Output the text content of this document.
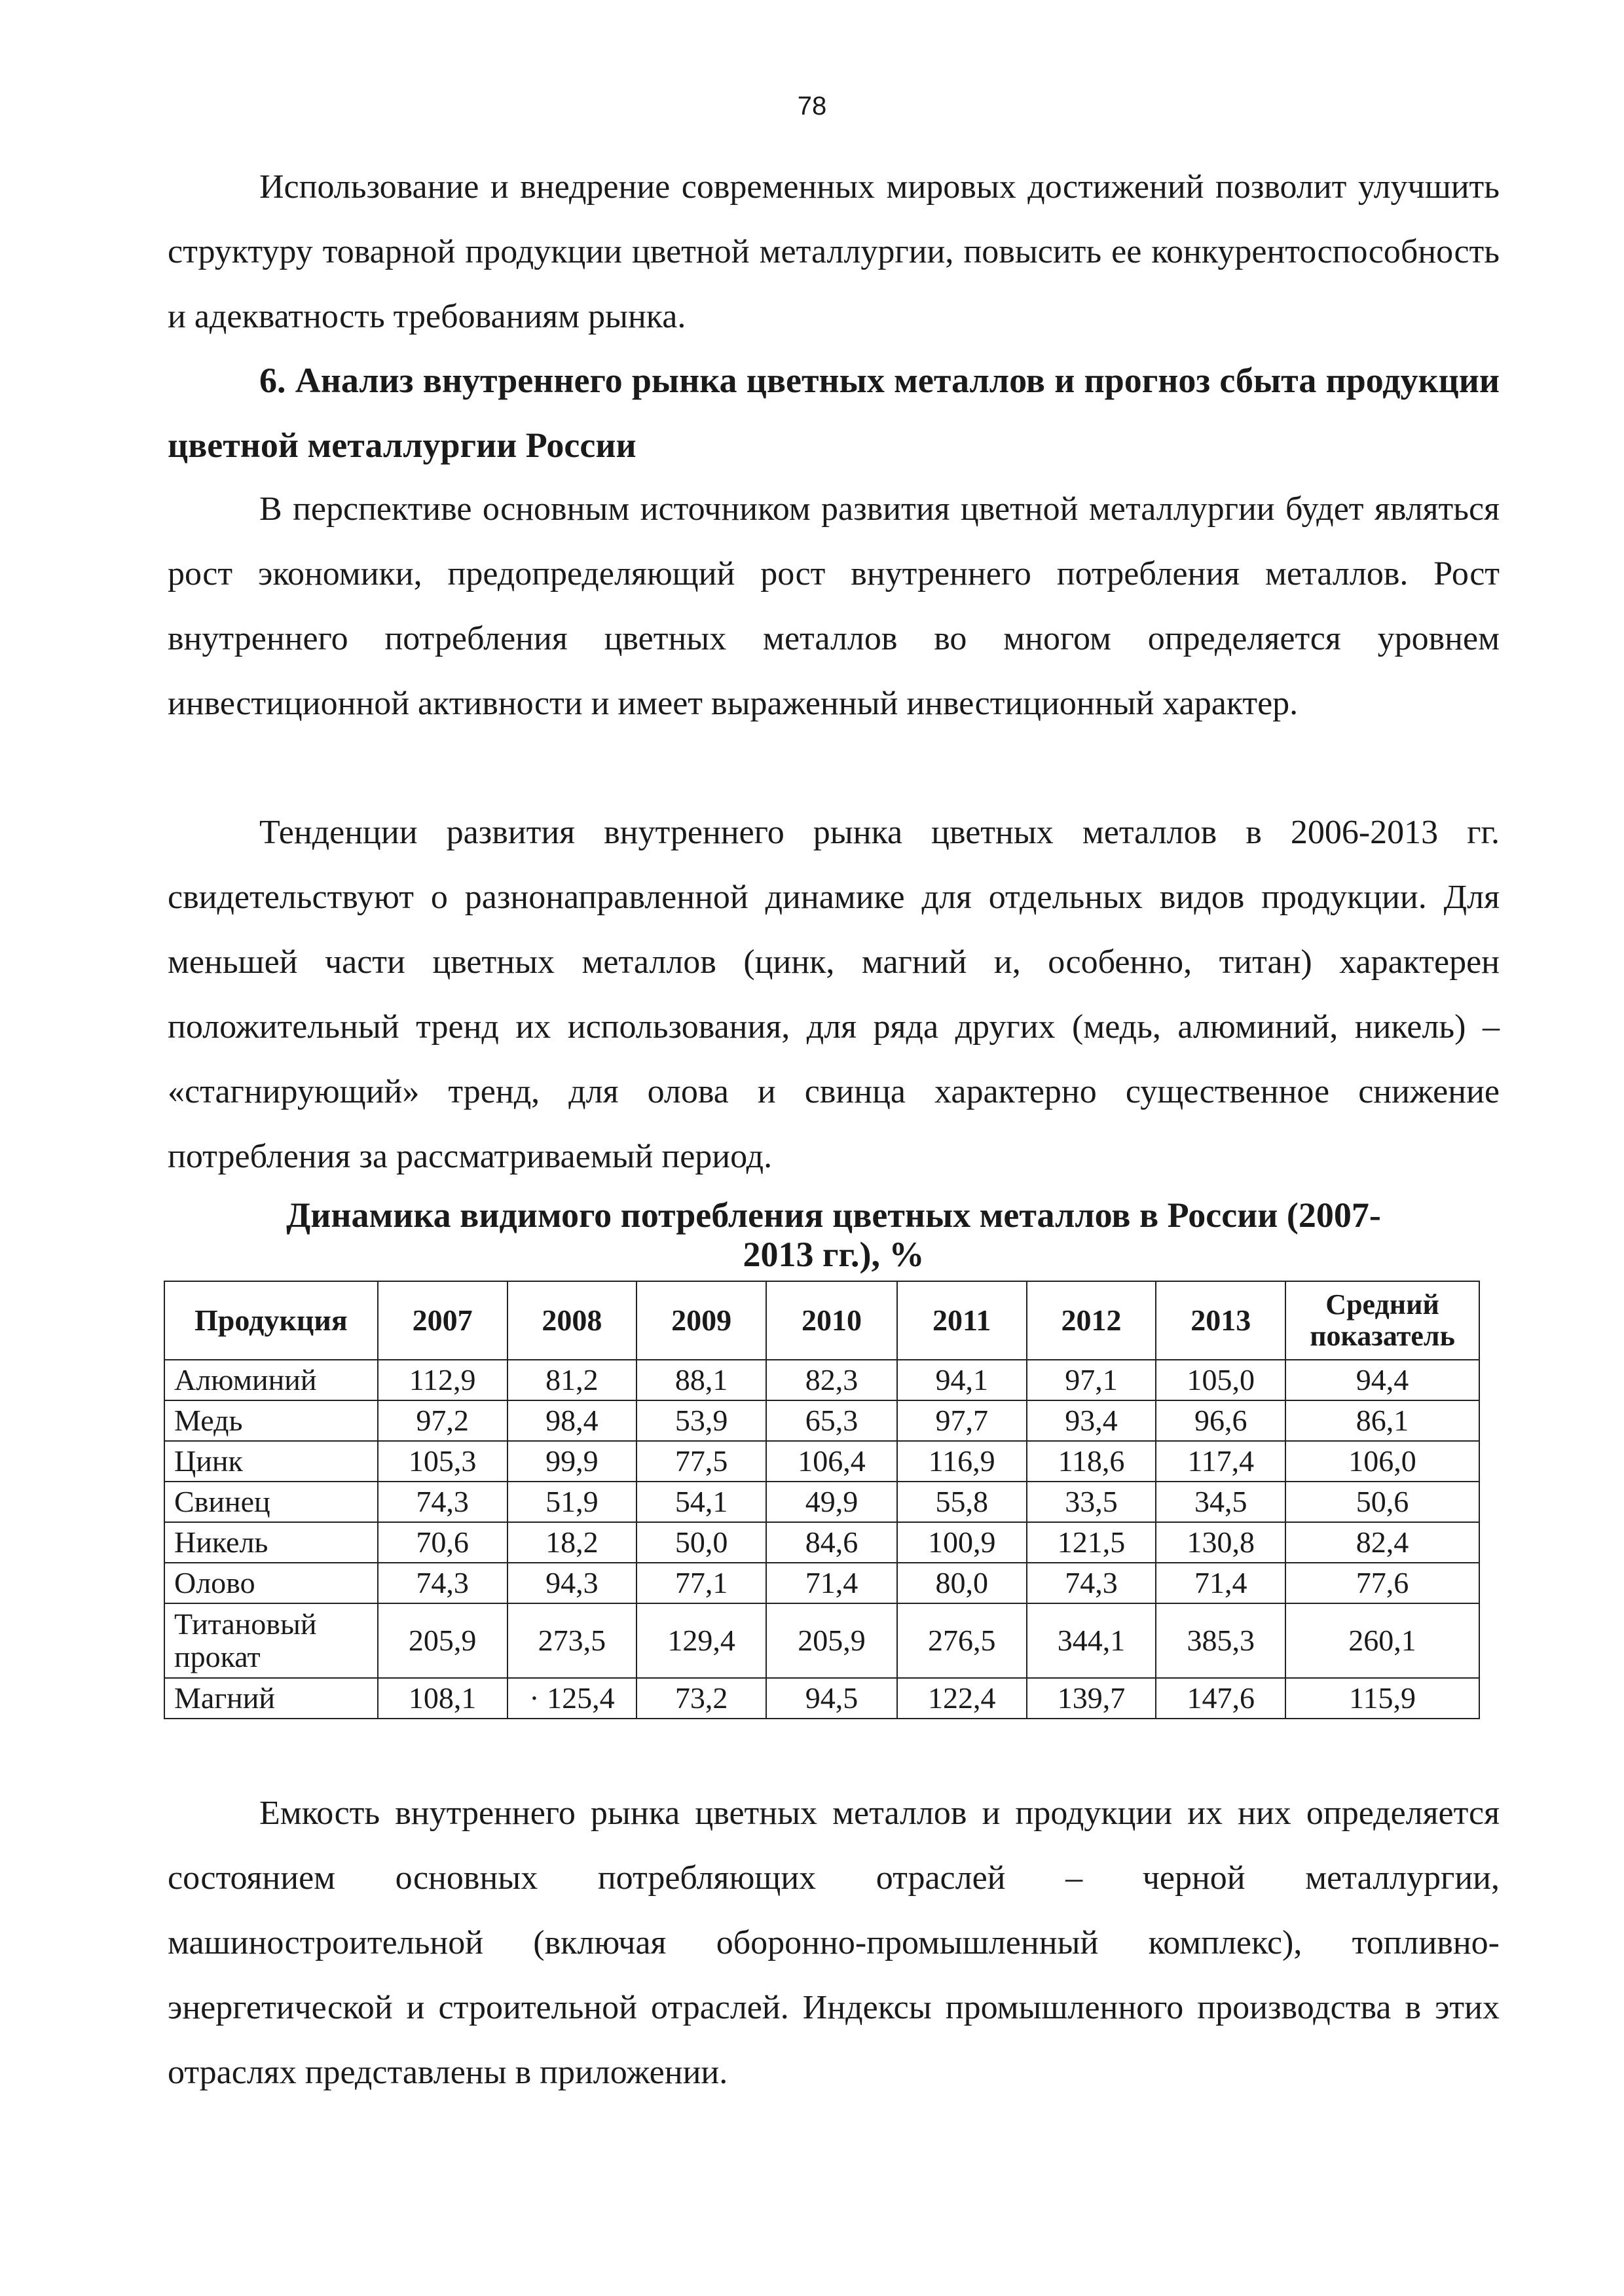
78

Использование и внедрение современных мировых достижений позволит улучшить структуру товарной продукции цветной металлургии, повысить ее конкурентоспособность и адекватность требованиям рынка.

6. Анализ внутреннего рынка цветных металлов и прогноз сбыта продукции цветной металлургии России

В перспективе основным источником развития цветной металлургии будет являться рост экономики, предопределяющий рост внутреннего потребления металлов. Рост внутреннего потребления цветных металлов во многом определяется уровнем инвестиционной активности и имеет выраженный инвестиционный характер.

Тенденции развития внутреннего рынка цветных металлов в 2006-2013 гг. свидетельствуют о разнонаправленной динамике для отдельных видов продукции. Для меньшей части цветных металлов (цинк, магний и, особенно, титан) характерен положительный тренд их использования, для ряда других (медь, алюминий, никель) – «стагнирующий» тренд, для олова и свинца характерно существенное снижение потребления за рассматриваемый период.

Динамика видимого потребления цветных металлов в России (2007-
2013 гг.), %
Продукция	2007	2008	2009	2010	2011	2012	2013	Средний
показатель

Алюминий	112,9	81,2	88,1	82,3	94,1	97,1	105,0	94,4
Медь	97,2	98,4	53,9	65,3	97,7	93,4	96,6	86,1
Цинк	105,3	99,9	77,5	106,4	116,9	118,6	117,4	106,0
Свинец	74,3	51,9	54,1	49,9	55,8	33,5	34,5	50,6
Никель	70,6	18,2	50,0	84,6	100,9	121,5	130,8	82,4
Олово	74,3	94,3	77,1	71,4	80,0	74,3	71,4	77,6

Титановый
прокат	205,9	273,5	129,4	205,9	276,5	344,1	385,3	260,1
Магний	108,1	· 125,4	73,2	94,5	122,4	139,7	147,6	115,9

Емкость внутреннего рынка цветных металлов и продукции их них определяется состоянием основных потребляющих отраслей – черной металлургии, машиностроительной (включая оборонно-промышленный комплекс), топливно-энергетической и строительной отраслей. Индексы промышленного производства в этих отраслях представлены в приложении.
